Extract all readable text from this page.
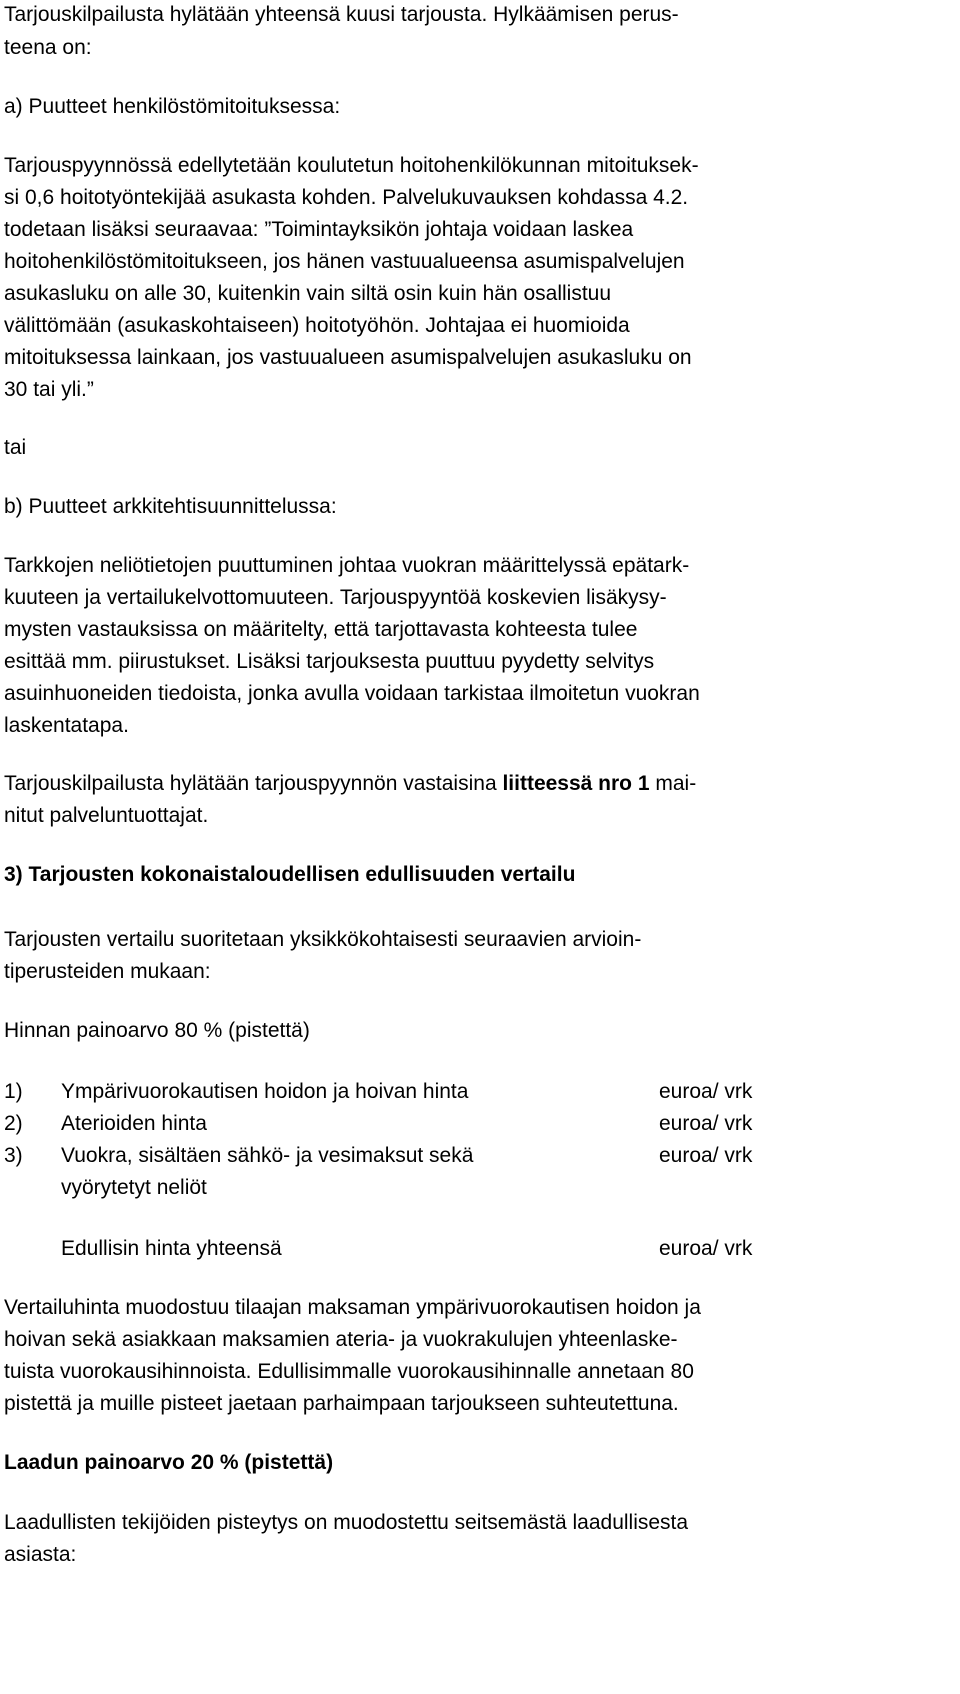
Tarjouskilpailusta hylätään yhteensä kuusi tarjousta. Hylkäämisen perus-
teena on:
a) Puutteet henkilöstömitoituksessa:
Tarjouspyynnössä edellytetään koulutetun hoitohenkilökunnan mitoituksek-
si 0,6 hoitotyöntekijää asukasta kohden. Palvelukuvauksen kohdassa 4.2.
todetaan lisäksi seuraavaa: ”Toimintayksikön johtaja voidaan laskea
hoitohenkilöstömitoitukseen, jos hänen vastuualueensa asumispalvelujen
asukasluku on alle 30, kuitenkin vain siltä osin kuin hän osallistuu
välittömään (asukaskohtaiseen) hoitotyöhön. Johtajaa ei huomioida
mitoituksessa lainkaan, jos vastuualueen asumispalvelujen asukasluku on
30 tai yli.”
tai
b) Puutteet arkkitehtisuunnittelussa:
Tarkkojen neliötietojen puuttuminen johtaa vuokran määrittelyssä epätark-
kuuteen ja vertailukelvottomuuteen. Tarjouspyyntöä koskevien lisäkysy-
mysten vastauksissa on määritelty, että tarjottavasta kohteesta tulee
esittää mm. piirustukset. Lisäksi tarjouksesta puuttuu pyydetty selvitys
asuinhuoneiden tiedoista, jonka avulla voidaan tarkistaa ilmoitetun vuokran
laskentatapa.
Tarjouskilpailusta hylätään tarjouspyynnön vastaisina liitteessä nro 1 mai-
nitut palveluntuottajat.
3) Tarjousten kokonaistaloudellisen edullisuuden vertailu
Tarjousten vertailu suoritetaan yksikkökohtaisesti seuraavien arvioin-
tiperusteiden mukaan:
Hinnan painoarvo 80 % (pistettä)
1) Ympärivuorokautisen hoidon ja hoivan hinta	euroa/ vrk
2) Aterioiden hinta	euroa/ vrk
3) Vuokra, sisältäen sähkö- ja vesimaksut sekä	euroa/ vrk
vyörytetyt neliöt
Edullisin hinta yhteensä	euroa/ vrk
Vertailuhinta muodostuu tilaajan maksaman ympärivuorokautisen hoidon ja
hoivan sekä asiakkaan maksamien ateria- ja vuokrakulujen yhteenlaske-
tuista vuorokausihinnoista. Edullisimmalle vuorokausihinnalle annetaan 80
pistettä ja muille pisteet jaetaan parhaimpaan tarjoukseen suhteutettuna.
Laadun painoarvo 20 % (pistettä)
Laadullisten tekijöiden pisteytys on muodostettu seitsemästä laadullisesta
asiasta:
